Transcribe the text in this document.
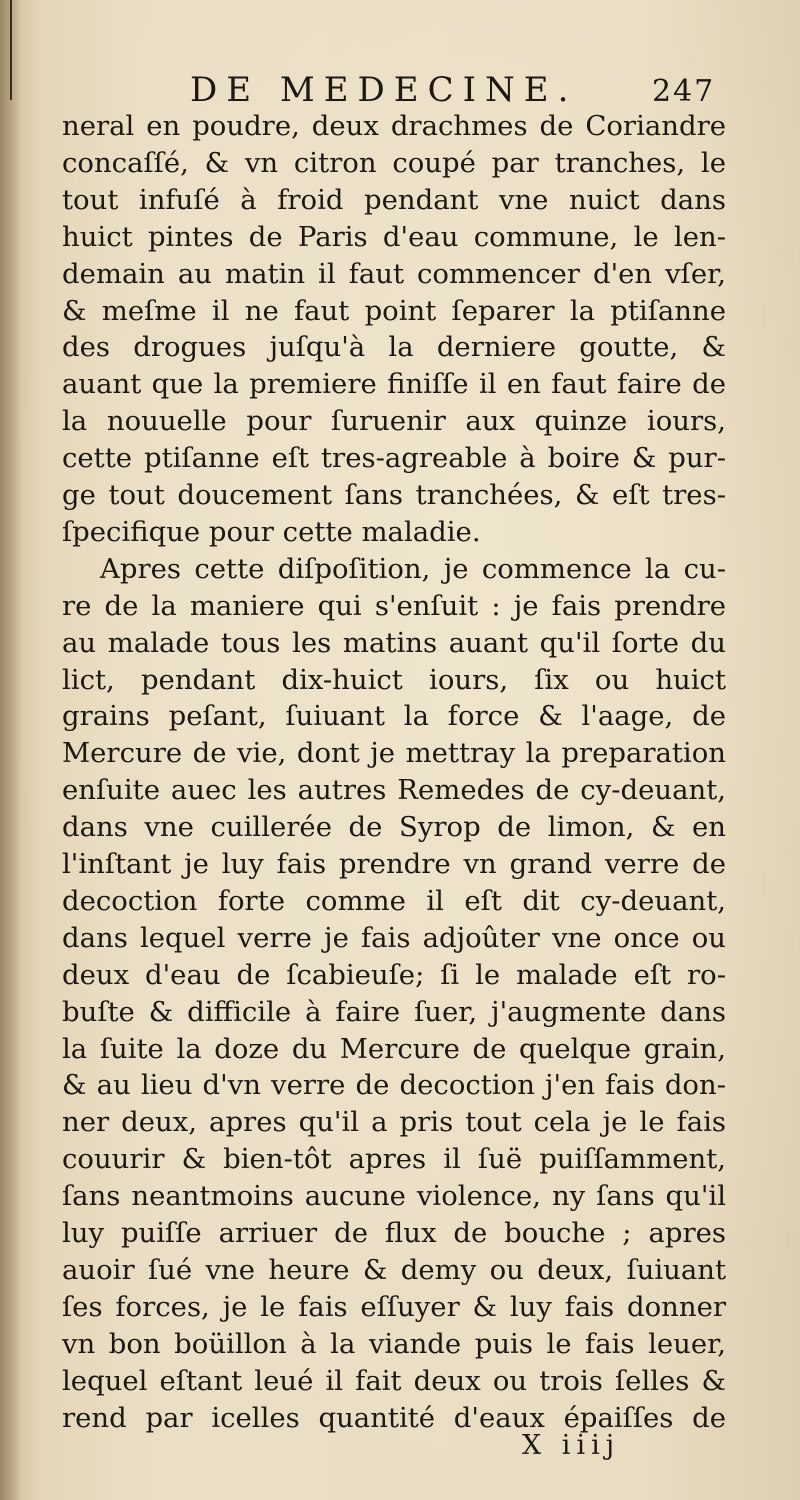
DE MEDECINE. 247
neral en poudre, deux drachmes de Coriandre
concaſſé, & vn citron coupé par tranches, le
tout infuſé à froid pendant vne nuict dans
huict pintes de Paris d'eau commune, le len-
demain au matin il faut commencer d'en vſer,
& meſme il ne faut point ſeparer la ptiſanne
des drogues juſqu'à la derniere goutte, &
auant que la premiere finiſſe il en faut faire de
la nouuelle pour ſuruenir aux quinze iours,
cette ptiſanne eſt tres-agreable à boire & pur-
ge tout doucement ſans tranchées, & eſt tres-
ſpecifique pour cette maladie.
Apres cette diſpoſition, je commence la cu-
re de la maniere qui s'enſuit : je fais prendre
au malade tous les matins auant qu'il ſorte du
lict, pendant dix-huict iours, ſix ou huict
grains peſant, ſuiuant la force & l'aage, de
Mercure de vie, dont je mettray la preparation
enſuite auec les autres Remedes de cy-deuant,
dans vne cuillerée de Syrop de limon, & en
l'inſtant je luy fais prendre vn grand verre de
decoction forte comme il eſt dit cy-deuant,
dans lequel verre je fais adjoûter vne once ou
deux d'eau de ſcabieuſe; ſi le malade eſt ro-
buſte & difficile à faire ſuer, j'augmente dans
la ſuite la doze du Mercure de quelque grain,
& au lieu d'vn verre de decoction j'en fais don-
ner deux, apres qu'il a pris tout cela je le fais
couurir & bien-tôt apres il ſuë puiſſamment,
ſans neantmoins aucune violence, ny ſans qu'il
luy puiſſe arriuer de flux de bouche ; apres
auoir ſué vne heure & demy ou deux, ſuiuant
ſes forces, je le fais eſſuyer & luy fais donner
vn bon boüillon à la viande puis le fais leuer,
lequel eſtant leué il fait deux ou trois ſelles &
rend par icelles quantité d'eaux épaiſſes de
X iiij
